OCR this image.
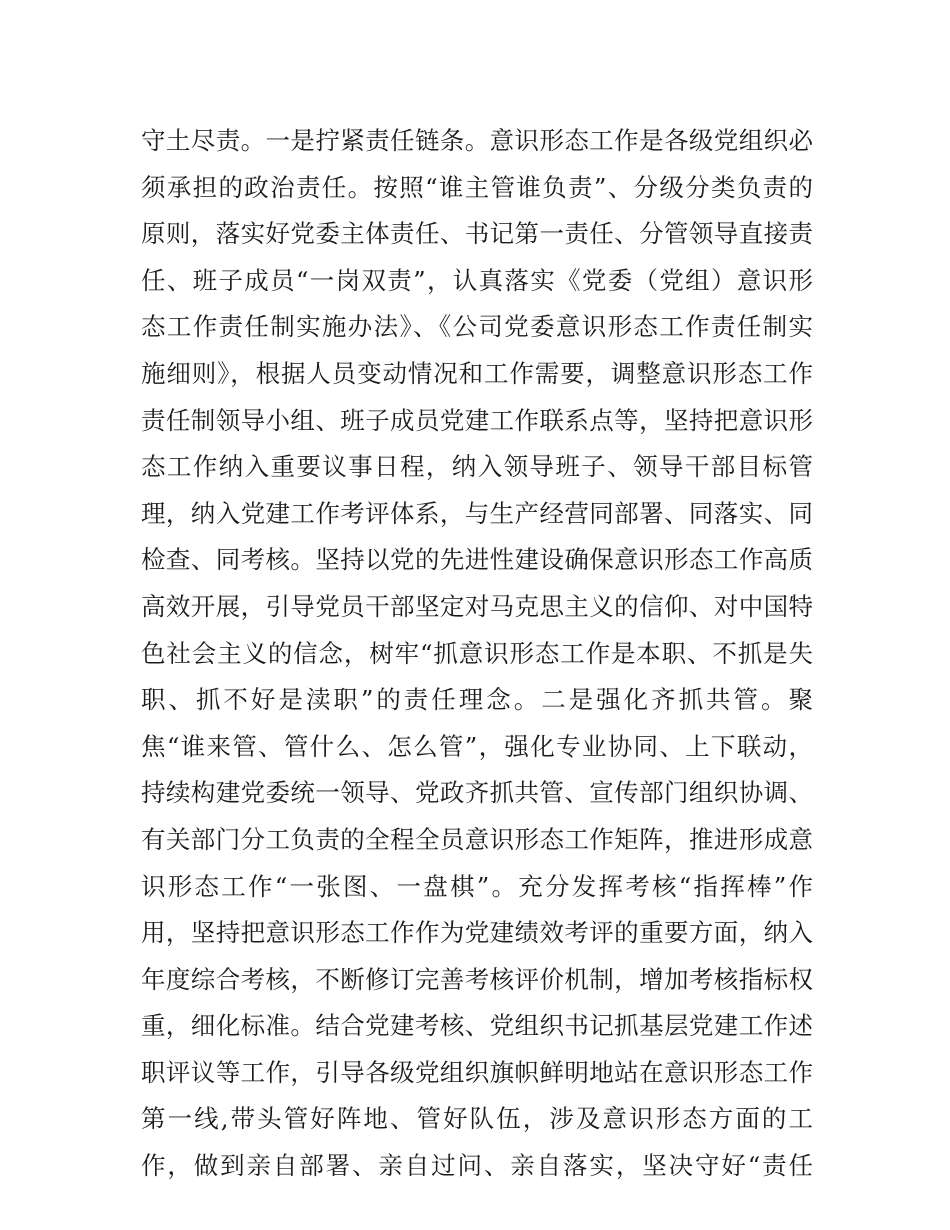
守土尽责。一是拧紧责任链条。意识形态工作是各级党组织必
须承担的政治责任。按照“谁主管谁负责”、分级分类负责的
原则，落实好党委主体责任、书记第一责任、分管领导直接责
任、班子成员“一岗双责”，认真落实《党委（党组）意识形
态工作责任制实施办法》、《公司党委意识形态工作责任制实
施细则》，根据人员变动情况和工作需要，调整意识形态工作
责任制领导小组、班子成员党建工作联系点等，坚持把意识形
态工作纳入重要议事日程，纳入领导班子、领导干部目标管
理，纳入党建工作考评体系，与生产经营同部署、同落实、同
检查、同考核。坚持以党的先进性建设确保意识形态工作高质
高效开展，引导党员干部坚定对马克思主义的信仰、对中国特
色社会主义的信念，树牢“抓意识形态工作是本职、不抓是失
职、抓不好是渎职”的责任理念。二是强化齐抓共管。聚
焦“谁来管、管什么、怎么管”，强化专业协同、上下联动，
持续构建党委统一领导、党政齐抓共管、宣传部门组织协调、
有关部门分工负责的全程全员意识形态工作矩阵，推进形成意
识形态工作“一张图、一盘棋”。充分发挥考核“指挥棒”作
用，坚持把意识形态工作作为党建绩效考评的重要方面，纳入
年度综合考核，不断修订完善考核评价机制，增加考核指标权
重，细化标准。结合党建考核、党组织书记抓基层党建工作述
职评议等工作，引导各级党组织旗帜鲜明地站在意识形态工作
第一线,带头管好阵地、管好队伍，涉及意识形态方面的工
作，做到亲自部署、亲自过问、亲自落实，坚决守好“责任
